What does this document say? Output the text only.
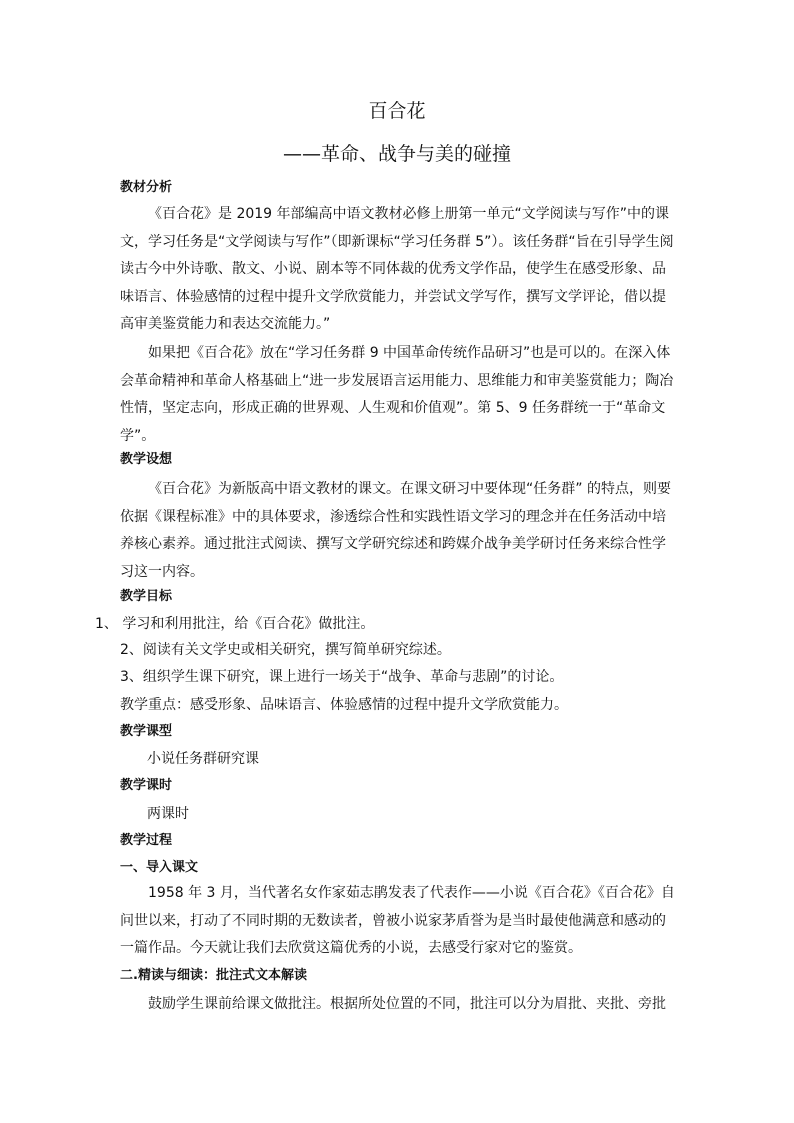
百合花
——革命、战争与美的碰撞

教材分析

《百合花》是 2019 年部编高中语文教材必修上册第一单元“文学阅读与写作”中的课文，学习任务是“文学阅读与写作”（即新课标“学习任务群 5”）。该任务群“旨在引导学生阅读古今中外诗歌、散文、小说、剧本等不同体裁的优秀文学作品，使学生在感受形象、品味语言、体验感情的过程中提升文学欣赏能力，并尝试文学写作，撰写文学评论，借以提高审美鉴赏能力和表达交流能力。”

如果把《百合花》放在“学习任务群 9 中国革命传统作品研习”也是可以的。在深入体会革命精神和革命人格基础上“进一步发展语言运用能力、思维能力和审美鉴赏能力；陶冶性情，坚定志向，形成正确的世界观、人生观和价值观”。第 5、9 任务群统一于“革命文学”。

教学设想

《百合花》为新版高中语文教材的课文。在课文研习中要体现“任务群” 的特点，则要依据《课程标准》中的具体要求，渗透综合性和实践性语文学习的理念并在任务活动中培养核心素养。通过批注式阅读、撰写文学研究综述和跨媒介战争美学研讨任务来综合性学习这一内容。

教学目标

1、 学习和利用批注，给《百合花》做批注。

2、阅读有关文学史或相关研究，撰写简单研究综述。

3、组织学生课下研究，课上进行一场关于“战争、革命与悲剧”的讨论。

教学重点：感受形象、品味语言、体验感情的过程中提升文学欣赏能力。

教学课型

小说任务群研究课

教学课时

两课时

教学过程

一、导入课文

1958 年 3 月，当代著名女作家茹志鹃发表了代表作——小说《百合花》《百合花》自问世以来，打动了不同时期的无数读者，曾被小说家茅盾誉为是当时最使他满意和感动的一篇作品。今天就让我们去欣赏这篇优秀的小说，去感受行家对它的鉴赏。

二.精读与细读：批注式文本解读

鼓励学生课前给课文做批注。根据所处位置的不同，批注可以分为眉批、夹批、旁批
